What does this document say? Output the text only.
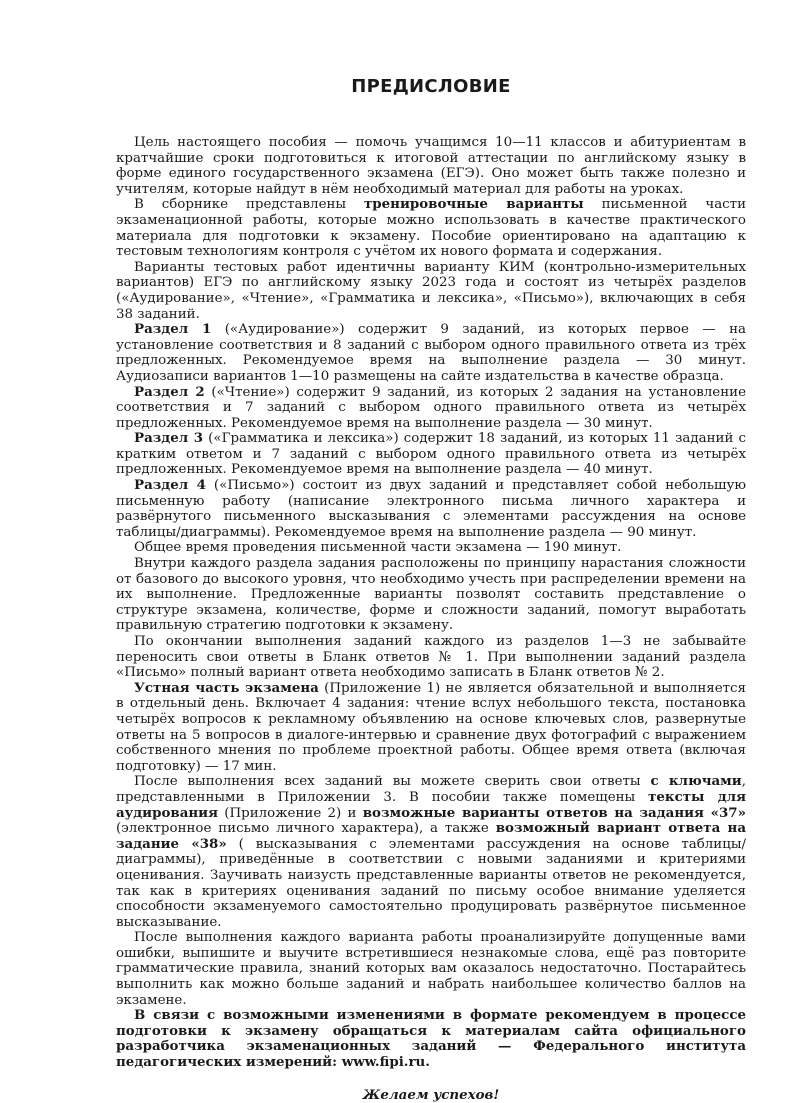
ПРЕДИСЛОВИЕ

Цель настоящего пособия — помочь учащимся 10—11 классов и абитуриентам в кратчайшие сроки подготовиться к итоговой аттестации по английскому языку в форме единого государственного экзамена (ЕГЭ). Оно может быть также полезно и учителям, которые найдут в нём необходимый материал для работы на уроках.

В сборнике представлены тренировочные варианты письменной части экзаменационной работы, которые можно использовать в качестве практического материала для подготовки к экзамену. Пособие ориентировано на адаптацию к тестовым технологиям контроля с учётом их нового формата и содержания.

Варианты тестовых работ идентичны варианту КИМ (контрольно-измерительных вариантов) ЕГЭ по английскому языку 2023 года и состоят из четырёх разделов («Аудирование», «Чтение», «Грамматика и лексика», «Письмо»), включающих в себя 38 заданий.

Раздел 1 («Аудирование») содержит 9 заданий, из которых первое — на установление соответствия и 8 заданий с выбором одного правильного ответа из трёх предложенных. Рекомендуемое время на выполнение раздела — 30 минут. Аудиозаписи вариантов 1—10 размещены на сайте издательства в качестве образца.

Раздел 2 («Чтение») содержит 9 заданий, из которых 2 задания на установление соответствия и 7 заданий с выбором одного правильного ответа из четырёх предложенных. Рекомендуемое время на выполнение раздела — 30 минут.

Раздел 3 («Грамматика и лексика») содержит 18 заданий, из которых 11 заданий с кратким ответом и 7 заданий с выбором одного правильного ответа из четырёх предложенных. Рекомендуемое время на выполнение раздела — 40 минут.

Раздел 4 («Письмо») состоит из двух заданий и представляет собой небольшую письменную работу (написание электронного письма личного характера и развёрнутого письменного высказывания с элементами рассуждения на основе таблицы/диаграммы). Рекомендуемое время на выполнение раздела — 90 минут.

Общее время проведения письменной части экзамена — 190 минут.

Внутри каждого раздела задания расположены по принципу нарастания сложности от базового до высокого уровня, что необходимо учесть при распределении времени на их выполнение. Предложенные варианты позволят составить представление о структуре экзамена, количестве, форме и сложности заданий, помогут выработать правильную стратегию подготовки к экзамену.

По окончании выполнения заданий каждого из разделов 1—3 не забывайте переносить свои ответы в Бланк ответов № 1. При выполнении заданий раздела «Письмо» полный вариант ответа необходимо записать в Бланк ответов № 2.

Устная часть экзамена (Приложение 1) не является обязательной и выполняется в отдельный день. Включает 4 задания: чтение вслух небольшого текста, постановка четырёх вопросов к рекламному объявлению на основе ключевых слов, развернутые ответы на 5 вопросов в диалоге-интервью и сравнение двух фотографий с выражением собственного мнения по проблеме проектной работы. Общее время ответа (включая подготовку) — 17 мин.

После выполнения всех заданий вы можете сверить свои ответы с ключами, представленными в Приложении 3. В пособии также помещены тексты для аудирования (Приложение 2) и возможные варианты ответов на задания «37» (электронное письмо личного характера), а также возможный вариант ответа на задание «38» ( высказывания с элементами рассуждения на основе таблицы/диаграммы), приведённые в соответствии с новыми заданиями и критериями оценивания. Заучивать наизусть представленные варианты ответов не рекомендуется, так как в критериях оценивания заданий по письму особое внимание уделяется способности экзаменуемого самостоятельно продуцировать развёрнутое письменное высказывание.

После выполнения каждого варианта работы проанализируйте допущенные вами ошибки, выпишите и выучите встретившиеся незнакомые слова, ещё раз повторите грамматические правила, знаний которых вам оказалось недостаточно. Постарайтесь выполнить как можно больше заданий и набрать наибольшее количество баллов на экзамене.

В связи с возможными изменениями в формате рекомендуем в процессе подготовки к экзамену обращаться к материалам сайта официального разработчика экзаменационных заданий — Федерального института педагогических измерений: www.fipi.ru.

Желаем успехов!
